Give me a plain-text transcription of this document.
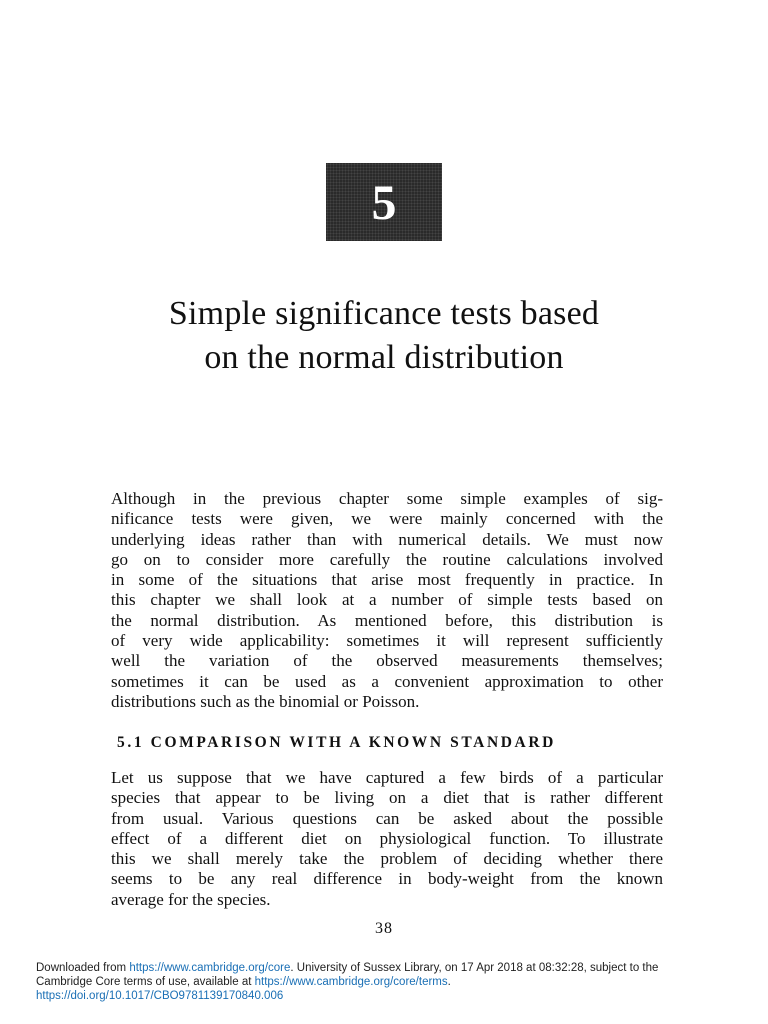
5
Simple significance tests based
on the normal distribution
Although in the previous chapter some simple examples of sig-
nificance tests were given, we were mainly concerned with the
underlying ideas rather than with numerical details. We must now
go on to consider more carefully the routine calculations involved
in some of the situations that arise most frequently in practice. In
this chapter we shall look at a number of simple tests based on
the normal distribution. As mentioned before, this distribution is
of very wide applicability: sometimes it will represent sufficiently
well the variation of the observed measurements themselves;
sometimes it can be used as a convenient approximation to other
distributions such as the binomial or Poisson.
5.1 COMPARISON WITH A KNOWN STANDARD
Let us suppose that we have captured a few birds of a particular
species that appear to be living on a diet that is rather different
from usual. Various questions can be asked about the possible
effect of a different diet on physiological function. To illustrate
this we shall merely take the problem of deciding whether there
seems to be any real difference in body-weight from the known
average for the species.
38
Downloaded from https://www.cambridge.org/core. University of Sussex Library, on 17 Apr 2018 at 08:32:28, subject to the
Cambridge Core terms of use, available at https://www.cambridge.org/core/terms.
https://doi.org/10.1017/CBO9781139170840.006
